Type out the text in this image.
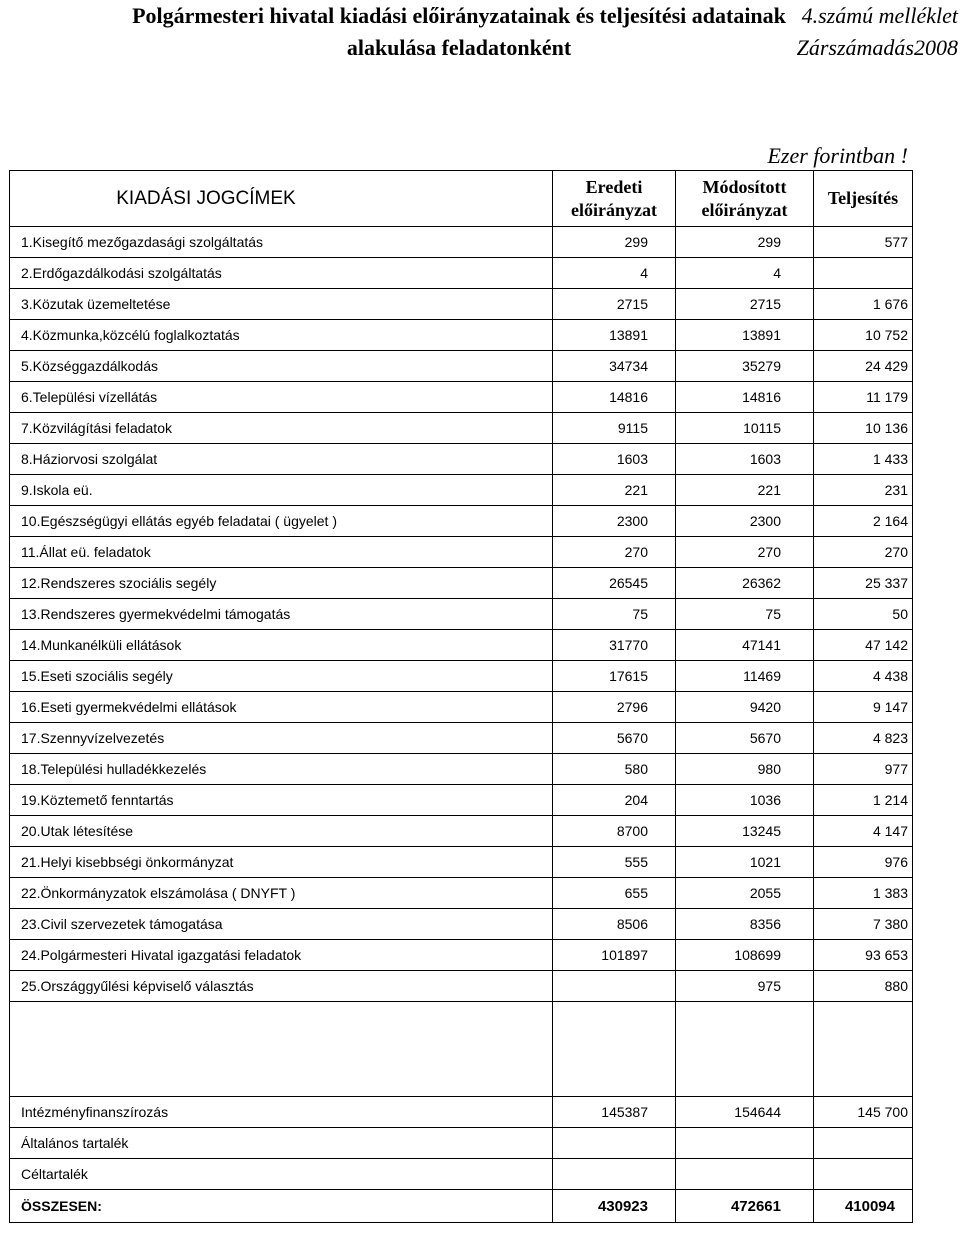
Polgármesteri hivatal kiadási előirányzatainak és teljesítési adatainak
alakulása feladatonként
4.számú melléklet
Zárszámadás2008
Ezer forintban !
KIADÁSI JOGCÍMEK	Eredeti előirányzat	Módosított előirányzat	Teljesítés
1.Kisegítő mezőgazdasági szolgáltatás	299	299	577
2.Erdőgazdálkodási szolgáltatás	4	4	
3.Közutak üzemeltetése	2715	2715	1 676
4.Közmunka,közcélú foglalkoztatás	13891	13891	10 752
5.Községgazdálkodás	34734	35279	24 429
6.Települési vízellátás	14816	14816	11 179
7.Közvilágítási feladatok	9115	10115	10 136
8.Háziorvosi szolgálat	1603	1603	1 433
9.Iskola eü.	221	221	231
10.Egészségügyi ellátás egyéb feladatai ( ügyelet )	2300	2300	2 164
11.Állat eü. feladatok	270	270	270
12.Rendszeres szociális segély	26545	26362	25 337
13.Rendszeres gyermekvédelmi támogatás	75	75	50
14.Munkanélküli ellátások	31770	47141	47 142
15.Eseti szociális segély	17615	11469	4 438
16.Eseti gyermekvédelmi ellátások	2796	9420	9 147
17.Szennyvízelvezetés	5670	5670	4 823
18.Települési hulladékkezelés	580	980	977
19.Köztemető fenntartás	204	1036	1 214
20.Utak létesítése	8700	13245	4 147
21.Helyi kisebbségi önkormányzat	555	1021	976
22.Önkormányzatok elszámolása ( DNYFT )	655	2055	1 383
23.Civil szervezetek támogatása	8506	8356	7 380
24.Polgármesteri Hivatal igazgatási feladatok	101897	108699	93 653
25.Országgyűlési képviselő választás		975	880

Intézményfinanszírozás	145387	154644	145 700
Általános tartalék			
Céltartalék			
ÖSSZESEN:	430923	472661	410094
